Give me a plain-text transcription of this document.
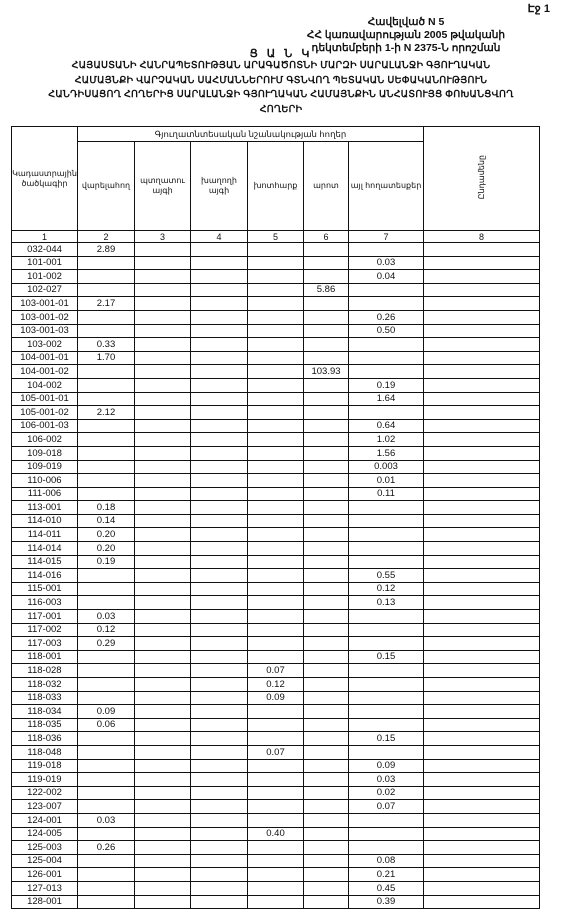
Էջ 1
Հավելված N 5
ՀՀ կառավարության 2005 թվականի
դեկտեմբերի 1-ի N 2375-Ն որոշման
Ց Ա Ն Կ
ՀԱՅԱՍՏԱՆԻ ՀԱՆՐԱՊԵՏՈՒԹՅԱՆ ԱՐԱԳԱԾՈՏՆԻ ՄԱՐԶԻ ՍԱՐԱԼԱՆՋԻ ԳՅՈՒՂԱԿԱՆ
ՀԱՄԱՅՆՔԻ ՎԱՐՉԱԿԱՆ ՍԱՀՄԱՆՆԵՐՈՒՄ ԳՏՆՎՈՂ ՊԵՏԱԿԱՆ ՍԵՓԱԿԱՆՈՒԹՅՈՒՆ
ՀԱՆԴԻՍԱՑՈՂ ՀՈՂԵՐԻՑ ՍԱՐԱԼԱՆՋԻ ԳՅՈՒՂԱԿԱՆ ՀԱՄԱՅՆՔԻՆ ԱՆՀԱՏՈՒՅՑ ՓՈԽԱՆՑՎՈՂ
ՀՈՂԵՐԻ
Կադաստրային ծածկագիր	Գյուղատնտեսական նշանակության հողեր						Ընդամենը
	վարելահող	պտղատու այգի	խաղողի այգի	խոտհարք	արոտ	այլ հողատեսքեր	
1	2	3	4	5	6	7	8
032-044	2.89						
101-001						0.03	
101-002						0.04	
102-027					5.86		
103-001-01	2.17						
103-001-02						0.26	
103-001-03						0.50	
103-002	0.33						
104-001-01	1.70						
104-001-02					103.93		
104-002						0.19	
105-001-01						1.64	
105-001-02	2.12						
106-001-03						0.64	
106-002						1.02	
109-018						1.56	
109-019						0.003	
110-006						0.01	
111-006						0.11	
113-001	0.18						
114-010	0.14						
114-011	0.20						
114-014	0.20						
114-015	0.19						
114-016						0.55	
115-001						0.12	
116-003						0.13	
117-001	0.03						
117-002	0.12						
117-003	0.29						
118-001						0.15	
118-028				0.07			
118-032				0.12			
118-033				0.09			
118-034	0.09						
118-035	0.06						
118-036						0.15	
118-048				0.07			
119-018						0.09	
119-019						0.03	
122-002						0.02	
123-007						0.07	
124-001	0.03						
124-005				0.40			
125-003	0.26						
125-004						0.08	
126-001						0.21	
127-013						0.45	
128-001						0.39	
